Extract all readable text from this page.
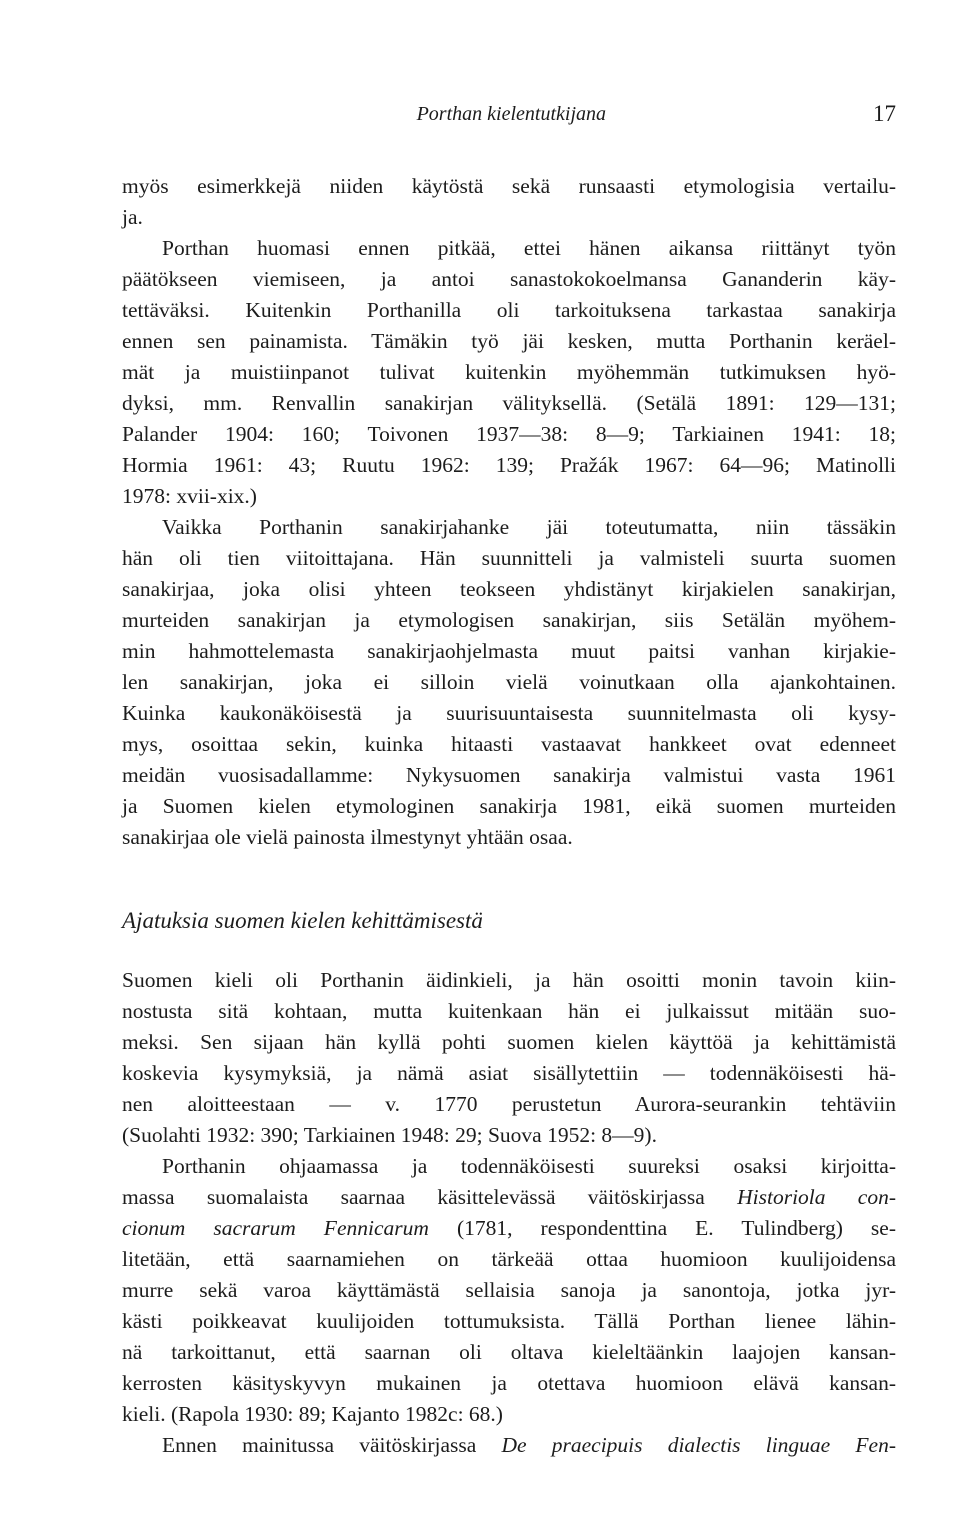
Porthan kielentutkijana	17
myös esimerkkejä niiden käytöstä sekä runsaasti etymologisia vertailu-
ja.
Porthan huomasi ennen pitkää, ettei hänen aikansa riittänyt työn
päätökseen viemiseen, ja antoi sanastokokoelmansa Gananderin käy-
tettäväksi. Kuitenkin Porthanilla oli tarkoituksena tarkastaa sanakirja
ennen sen painamista. Tämäkin työ jäi kesken, mutta Porthanin keräel-
mät ja muistiinpanot tulivat kuitenkin myöhemmän tutkimuksen hyö-
dyksi, mm. Renvallin sanakirjan välityksellä. (Setälä 1891: 129—131;
Palander 1904: 160; Toivonen 1937—38: 8—9; Tarkiainen 1941: 18;
Hormia 1961: 43; Ruutu 1962: 139; Pražák 1967: 64—96; Matinolli
1978: xvii-xix.)
Vaikka Porthanin sanakirjahanke jäi toteutumatta, niin tässäkin
hän oli tien viitoittajana. Hän suunnitteli ja valmisteli suurta suomen
sanakirjaa, joka olisi yhteen teokseen yhdistänyt kirjakielen sanakirjan,
murteiden sanakirjan ja etymologisen sanakirjan, siis Setälän myöhem-
min hahmottelemasta sanakirjaohjelmasta muut paitsi vanhan kirjakie-
len sanakirjan, joka ei silloin vielä voinutkaan olla ajankohtainen.
Kuinka kaukonäköisestä ja suurisuuntaisesta suunnitelmasta oli kysy-
mys, osoittaa sekin, kuinka hitaasti vastaavat hankkeet ovat edenneet
meidän vuosisadallamme: Nykysuomen sanakirja valmistui vasta 1961
ja Suomen kielen etymologinen sanakirja 1981, eikä suomen murteiden
sanakirjaa ole vielä painosta ilmestynyt yhtään osaa.
Ajatuksia suomen kielen kehittämisestä
Suomen kieli oli Porthanin äidinkieli, ja hän osoitti monin tavoin kiin-
nostusta sitä kohtaan, mutta kuitenkaan hän ei julkaissut mitään suo-
meksi. Sen sijaan hän kyllä pohti suomen kielen käyttöä ja kehittämistä
koskevia kysymyksiä, ja nämä asiat sisällytettiin — todennäköisesti hä-
nen aloitteestaan — v. 1770 perustetun Aurora-seurankin tehtäviin
(Suolahti 1932: 390; Tarkiainen 1948: 29; Suova 1952: 8—9).
Porthanin ohjaamassa ja todennäköisesti suureksi osaksi kirjoitta-
massa suomalaista saarnaa käsittelevässä väitöskirjassa Historiola con-
cionum sacrarum Fennicarum (1781, respondenttina E. Tulindberg) se-
litetään, että saarnamiehen on tärkeää ottaa huomioon kuulijoidensa
murre sekä varoa käyttämästä sellaisia sanoja ja sanontoja, jotka jyr-
kästi poikkeavat kuulijoiden tottumuksista. Tällä Porthan lienee lähin-
nä tarkoittanut, että saarnan oli oltava kieleltäänkin laajojen kansan-
kerrosten käsityskyvyn mukainen ja otettava huomioon elävä kansan-
kieli. (Rapola 1930: 89; Kajanto 1982c: 68.)
Ennen mainitussa väitöskirjassa De praecipuis dialectis linguae Fen-
